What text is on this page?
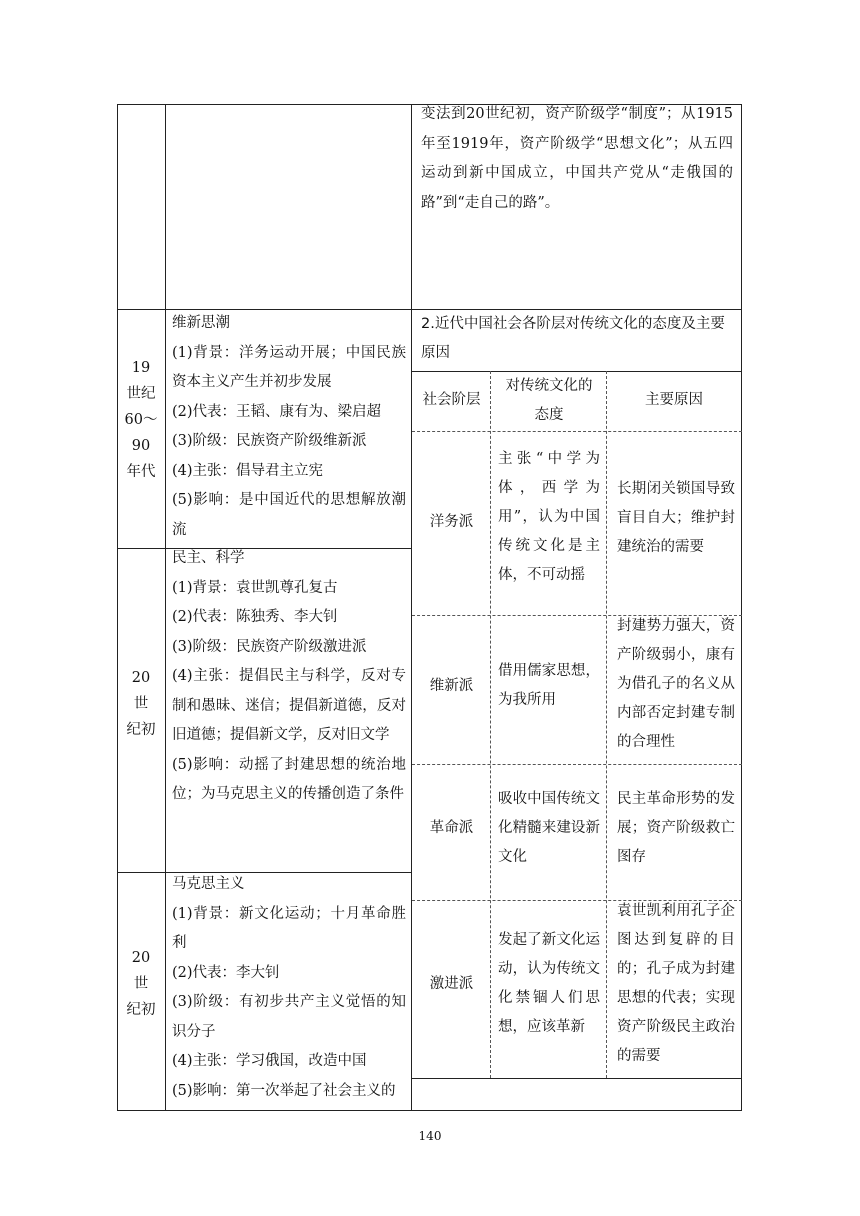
变法到20世纪初，资产阶级学“制度”；从1915年至1919年，资产阶级学“思想文化”；从五四运动到新中国成立，中国共产党从“走俄国的路”到“走自己的路”。
19
世纪
60～
90
年代
维新思潮
(1)背景：洋务运动开展；中国民族资本主义产生并初步发展
(2)代表：王韬、康有为、梁启超
(3)阶级：民族资产阶级维新派
(4)主张：倡导君主立宪
(5)影响：是中国近代的思想解放潮流
20
世
纪初
民主、科学
(1)背景：袁世凯尊孔复古
(2)代表：陈独秀、李大钊
(3)阶级：民族资产阶级激进派
(4)主张：提倡民主与科学，反对专制和愚昧、迷信；提倡新道德，反对旧道德；提倡新文学，反对旧文学
(5)影响：动摇了封建思想的统治地位；为马克思主义的传播创造了条件
20
世
纪初
马克思主义
(1)背景：新文化运动；十月革命胜利
(2)代表：李大钊
(3)阶级：有初步共产主义觉悟的知识分子
(4)主张：学习俄国，改造中国
(5)影响：第一次举起了社会主义的
2.近代中国社会各阶层对传统文化的态度及主要原因
社会阶层
对传统文化的态度
主要原因
洋务派
主张“中学为体，西学为用”，认为中国传统文化是主体，不可动摇
长期闭关锁国导致盲目自大；维护封建统治的需要
维新派
借用儒家思想，为我所用
封建势力强大，资产阶级弱小，康有为借孔子的名义从内部否定封建专制的合理性
革命派
吸收中国传统文化精髓来建设新文化
民主革命形势的发展；资产阶级救亡图存
激进派
发起了新文化运动，认为传统文化禁锢人们思想，应该革新
袁世凯利用孔子企图达到复辟的目的；孔子成为封建思想的代表；实现资产阶级民主政治的需要
140
